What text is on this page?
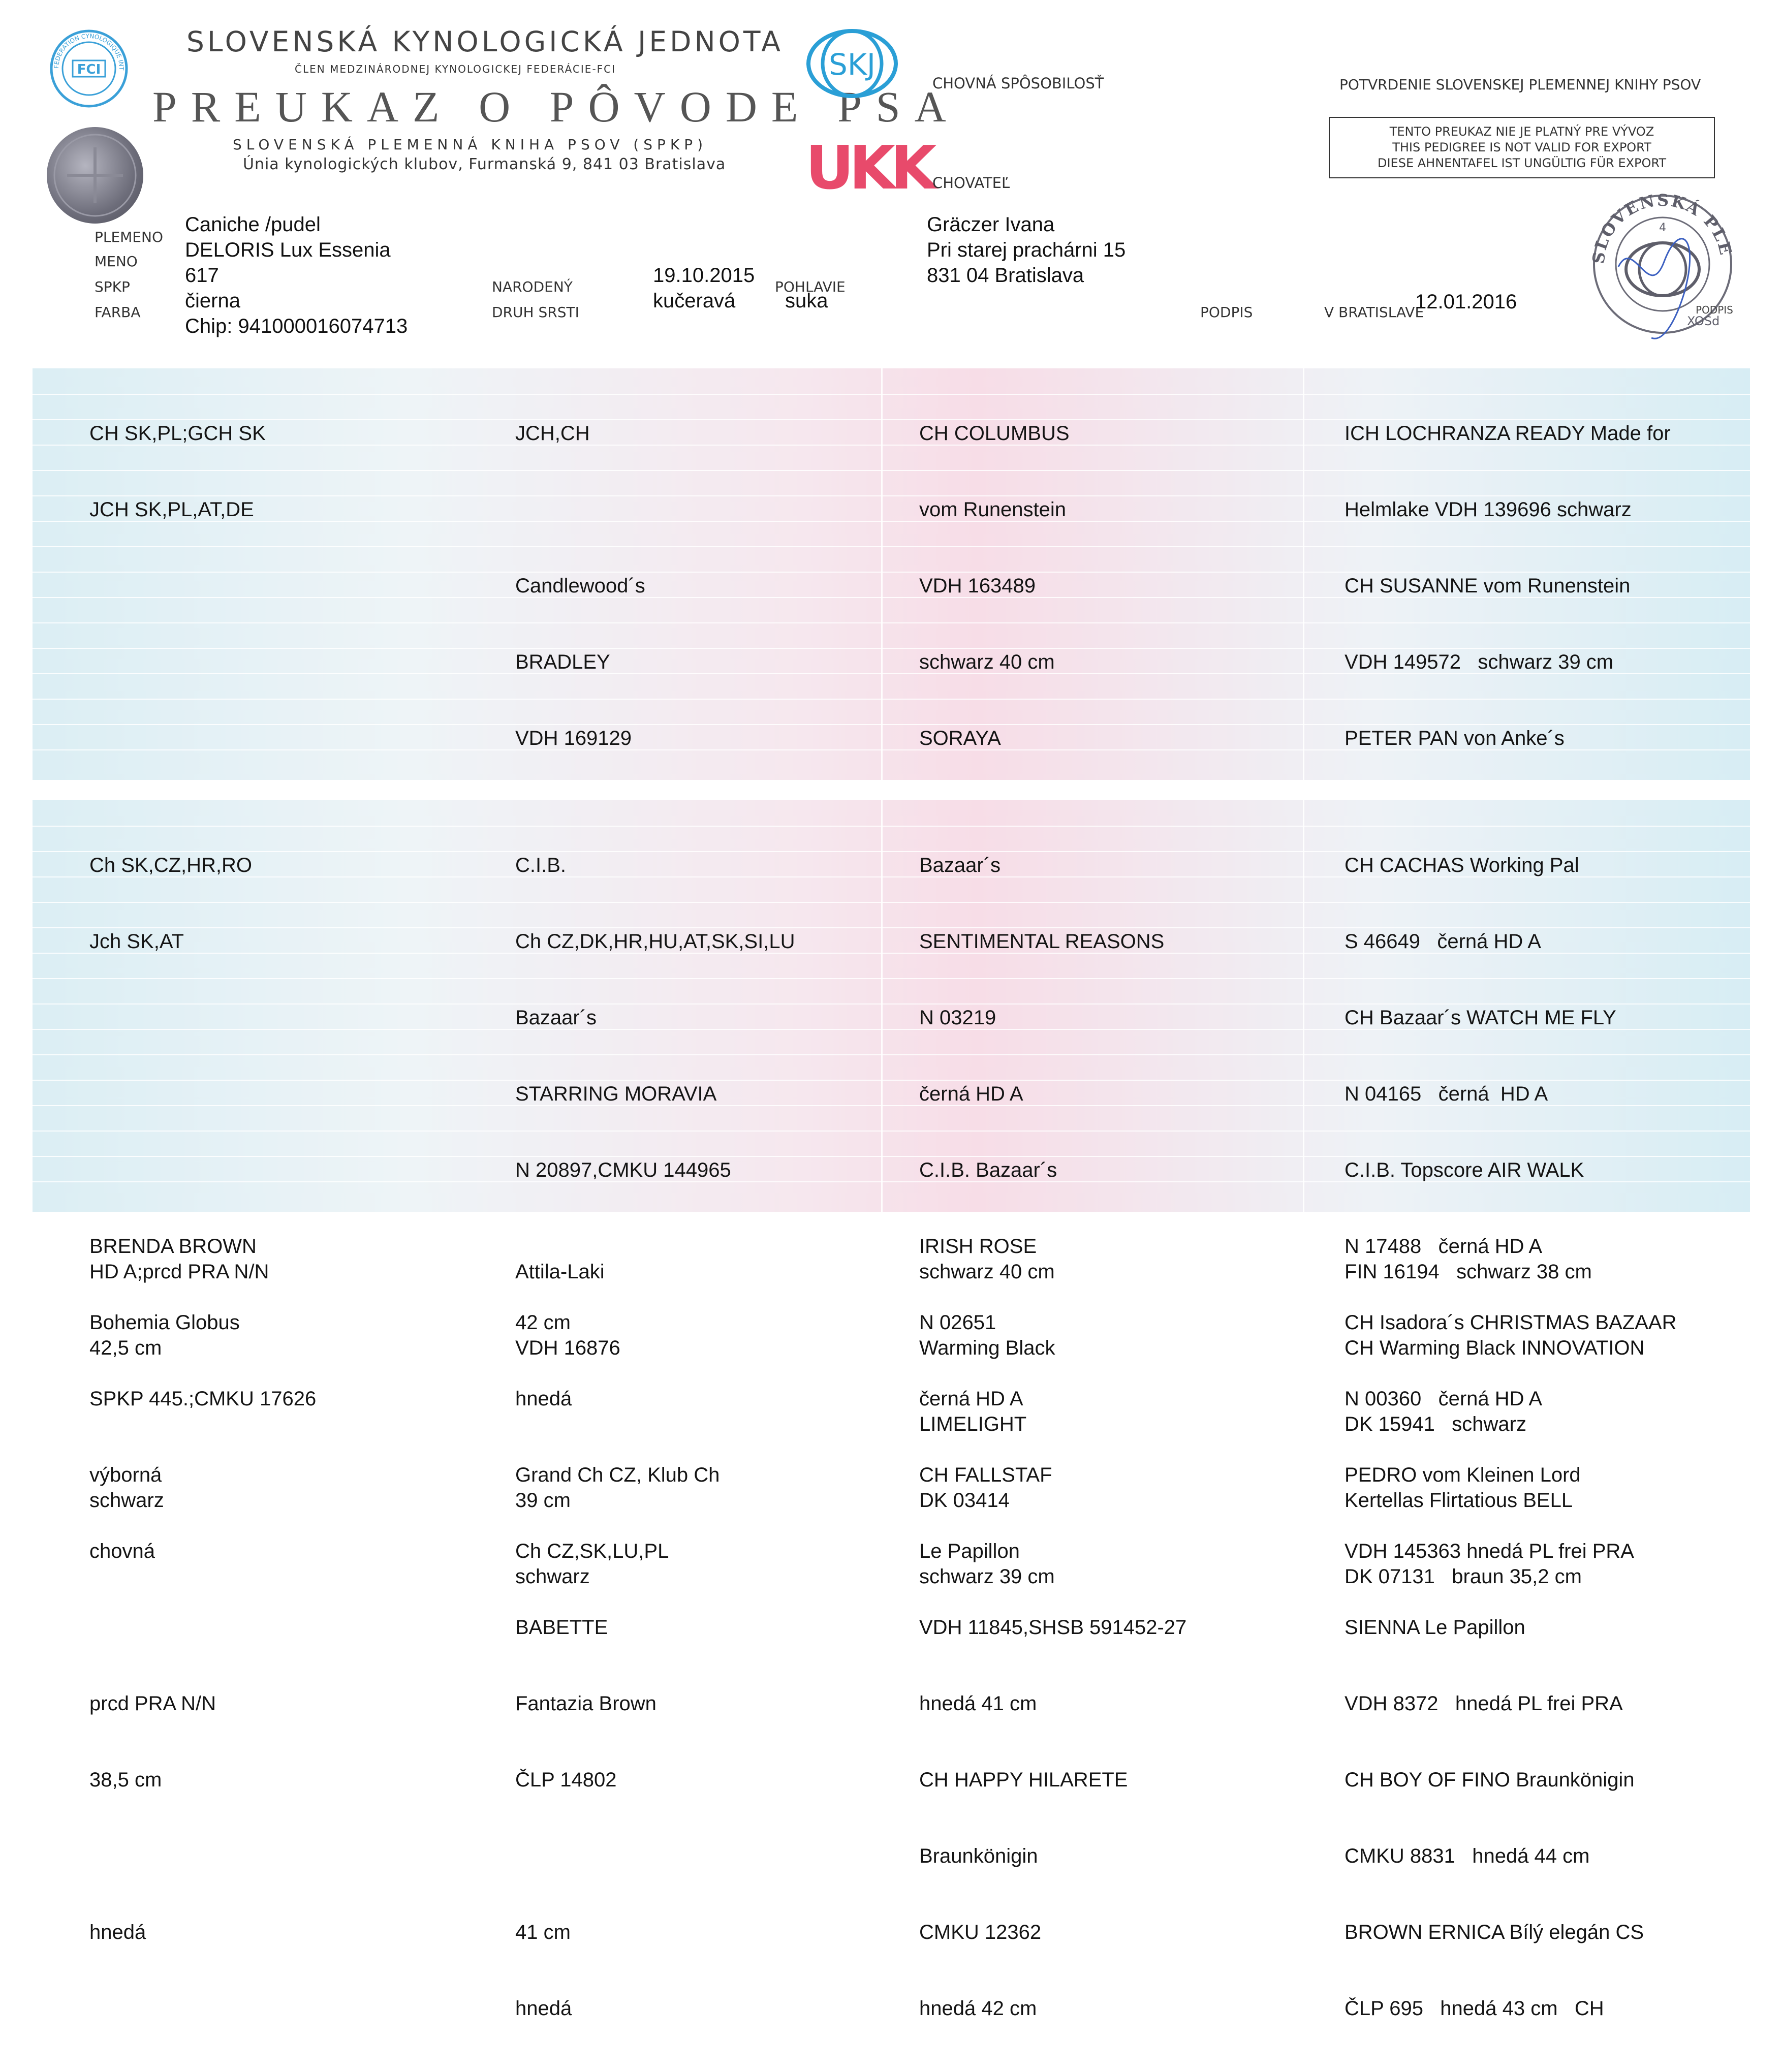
FEDERATION CYNOLOGIQUE INT
FCI
SLOVENSKÁ KYNOLOGICKÁ JEDNOTA
ČLEN MEDZINÁRODNEJ KYNOLOGICKEJ FEDERÁCIE-FCI
PREUKAZ O PÔVODE PSA
SLOVENSKÁ PLEMENNÁ KNIHA PSOV (SPKP)
Únia kynologických klubov, Furmanská 9, 841 03 Bratislava
SKJ
UKK
CHOVNÁ SPÔSOBILOSŤ
CHOVATEĽ
POTVRDENIE SLOVENSKEJ PLEMENNEJ KNIHY PSOV
TENTO PREUKAZ NIE JE PLATNÝ PRE VÝVOZ
THIS PEDIGREE IS NOT VALID FOR EXPORT
DIESE AHNENTAFEL IST UNGÜLTIG FÜR EXPORT
SLOVENSKÁ PLE
4
PODPIS
XOSd
PLEMENO
MENO
SPKP
FARBA
Caniche /pudel
DELORIS Lux Essenia
617
čierna
Chip: 941000016074713
NARODENÝ
DRUH SRSTI
19.10.2015
kučeravá
POHLAVIE
suka
Gräczer Ivana
Pri starej prachárni 15
831 04 Bratislava
PODPIS	V BRATISLAVE
12.01.2016

CH SK,PL;GCH SK

JCH SK,PL,AT,DE

HD A;prcd PRA N/N

42,5 cm

schwarz

JCH,CH

Candlewood´s

BRADLEY

VDH 169129

Attila-Laki

VDH 16876

39 cm

schwarz

CH COLUMBUS

vom Runenstein

VDH 163489

schwarz 40 cm

SORAYA

schwarz 40 cm

Warming Black

LIMELIGHT

DK 03414

schwarz 39 cm

ICH LOCHRANZA READY Made for

Helmlake VDH 139696 schwarz

CH SUSANNE vom Runenstein

VDH 149572   schwarz 39 cm

PETER PAN von Anke´s

FIN 16194   schwarz 38 cm

CH Warming Black INNOVATION

DK 15941   schwarz

Kertellas Flirtatious BELL

DK 07131   braun 35,2 cm

Ch SK,CZ,HR,RO

Jch SK,AT

BRENDA BROWN

Bohemia Globus

SPKP 445.;CMKU 17626

výborná

chovná

prcd PRA N/N

38,5 cm

hnedá

C.I.B.

Ch CZ,DK,HR,HU,AT,SK,SI,LU

Bazaar´s

STARRING MORAVIA

N 20897,CMKU 144965

42 cm

hnedá

Grand Ch CZ, Klub Ch

Ch CZ,SK,LU,PL

BABETTE

Fantazia Brown

ČLP 14802

41 cm

hnedá

Bazaar´s

SENTIMENTAL REASONS

N 03219

černá HD A

C.I.B. Bazaar´s

IRISH ROSE

N 02651

černá HD A

CH FALLSTAF

Le Papillon

VDH 11845,SHSB 591452-27

hnedá 41 cm

CH HAPPY HILARETE

Braunkönigin

CMKU 12362

hnedá 42 cm

CH CACHAS Working Pal

S 46649   černá HD A

CH Bazaar´s WATCH ME FLY

N 04165   černá  HD A

C.I.B. Topscore AIR WALK

N 17488   černá HD A

CH Isadora´s CHRISTMAS BAZAAR

N 00360   černá HD A

PEDRO vom Kleinen Lord

VDH 145363 hnedá PL frei PRA

SIENNA Le Papillon

VDH 8372   hnedá PL frei PRA

CH BOY OF FINO Braunkönigin

CMKU 8831   hnedá 44 cm

BROWN ERNICA Bílý elegán CS

ČLP 695   hnedá 43 cm   CH
